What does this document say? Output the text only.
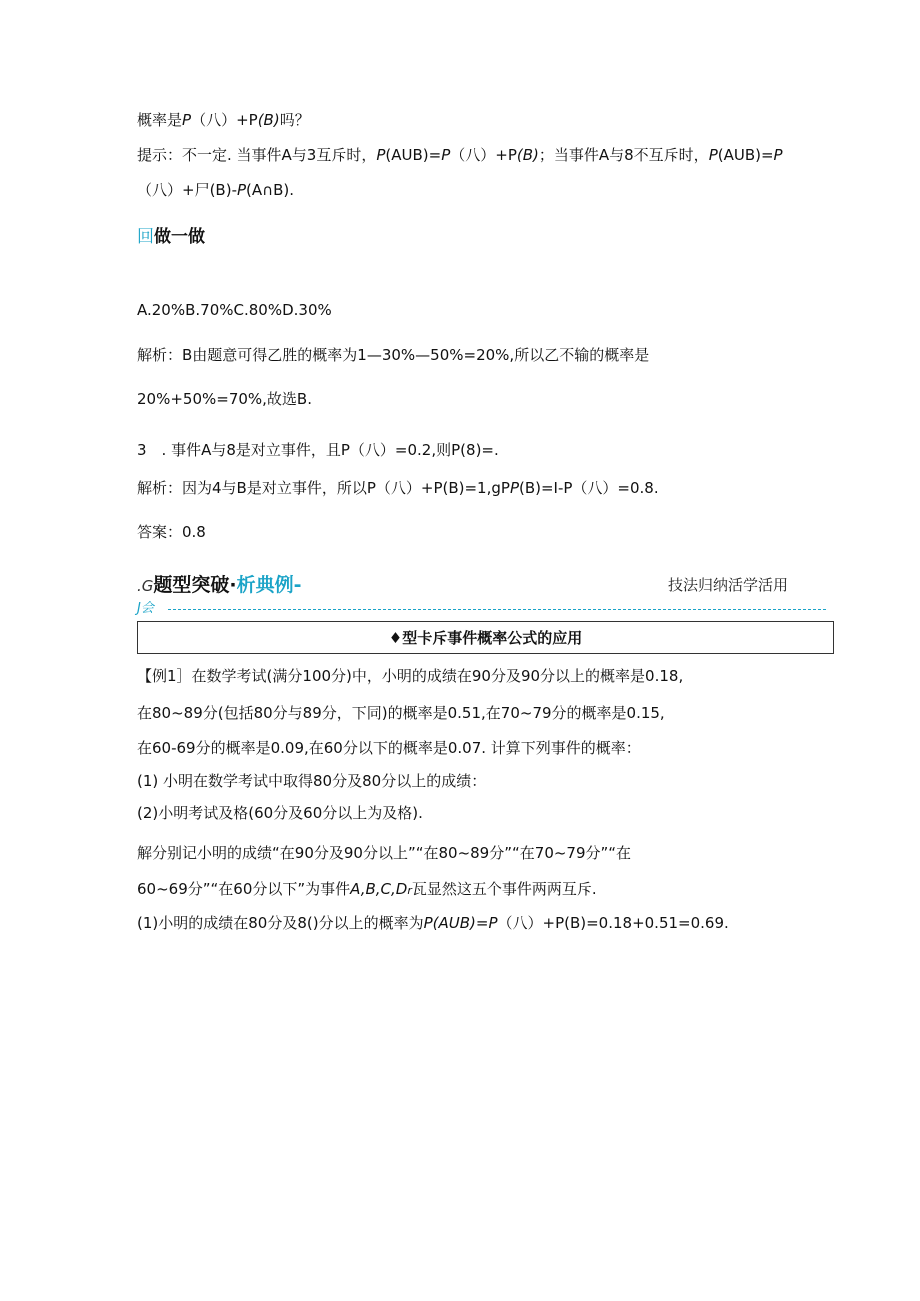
概率是P（八）+P(B)吗？
提示：不一定. 当事件A与3互斥时，P(AUB)=P（八）+P(B)；当事件A与8不互斥时，P(AUB)=P
（八）+尸(B)-P(A∩B).
回做一做
A.20%B.70%C.80%D.30%
解析：B由题意可得乙胜的概率为1—30%—50%=20%,所以乙不输的概率是
20%+50%=70%,故选B.
3　. 事件A与8是对立事件，且P（八）=0.2,则P(8)=.
解析：因为4与B是对立事件，所以P（八）+P(B)=1,gPP(B)=I-P（八）=0.8.
答案：0.8
.G题型突破·析典例-	技法归纳活学活用
J会
♦型卡斥事件概率公式的应用
【例1］在数学考试(满分100分)中，小明的成绩在90分及90分以上的概率是0.18,
在80~89分(包括80分与89分，下同)的概率是0.51,在70~79分的概率是0.15,
在60-69分的概率是0.09,在60分以下的概率是0.07. 计算下列事件的概率：
(1) 小明在数学考试中取得80分及80分以上的成绩：
(2)小明考试及格(60分及60分以上为及格).
解分别记小明的成绩“在90分及90分以上”“在80~89分”“在70~79分”“在
60~69分”“在60分以下”为事件A,B,C,Dr瓦显然这五个事件两两互斥.
(1)小明的成绩在80分及8()分以上的概率为P(AUB)=P（八）+P(B)=0.18+0.51=0.69.
